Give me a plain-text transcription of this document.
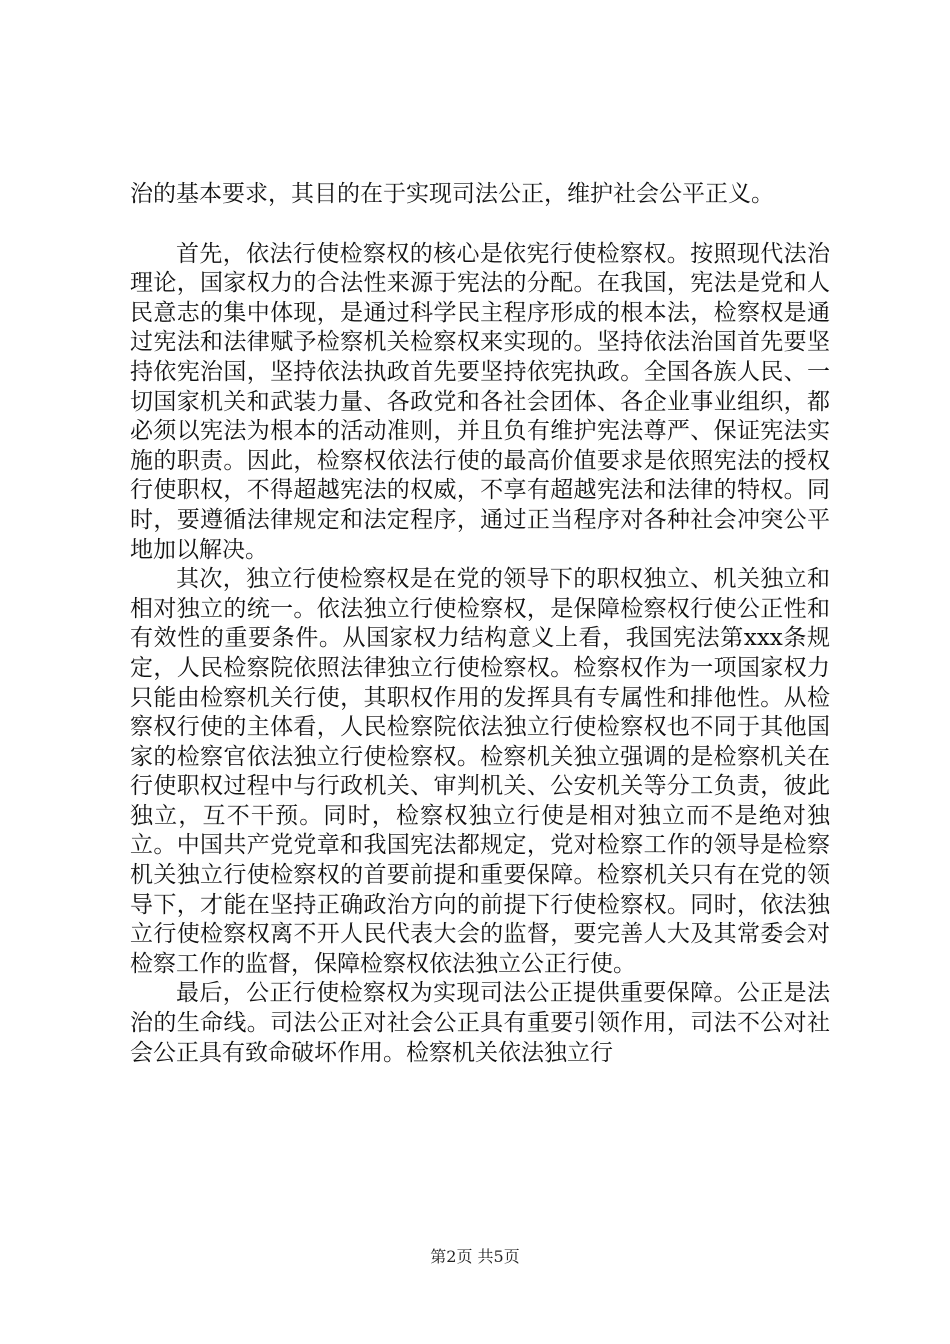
治的基本要求，其目的在于实现司法公正，维护社会公平正义。

首先，依法行使检察权的核心是依宪行使检察权。按照现代法治理论，国家权力的合法性来源于宪法的分配。在我国，宪法是党和人民意志的集中体现，是通过科学民主程序形成的根本法，检察权是通过宪法和法律赋予检察机关检察权来实现的。坚持依法治国首先要坚持依宪治国，坚持依法执政首先要坚持依宪执政。全国各族人民、一切国家机关和武装力量、各政党和各社会团体、各企业事业组织，都必须以宪法为根本的活动准则，并且负有维护宪法尊严、保证宪法实施的职责。因此，检察权依法行使的最高价值要求是依照宪法的授权行使职权，不得超越宪法的权威，不享有超越宪法和法律的特权。同时，要遵循法律规定和法定程序，通过正当程序对各种社会冲突公平地加以解决。

其次，独立行使检察权是在党的领导下的职权独立、机关独立和相对独立的统一。依法独立行使检察权，是保障检察权行使公正性和有效性的重要条件。从国家权力结构意义上看，我国宪法第xxx条规定，人民检察院依照法律独立行使检察权。检察权作为一项国家权力只能由检察机关行使，其职权作用的发挥具有专属性和排他性。从检察权行使的主体看，人民检察院依法独立行使检察权也不同于其他国家的检察官依法独立行使检察权。检察机关独立强调的是检察机关在行使职权过程中与行政机关、审判机关、公安机关等分工负责，彼此独立，互不干预。同时，检察权独立行使是相对独立而不是绝对独立。中国共产党党章和我国宪法都规定，党对检察工作的领导是检察机关独立行使检察权的首要前提和重要保障。检察机关只有在党的领导下，才能在坚持正确政治方向的前提下行使检察权。同时，依法独立行使检察权离不开人民代表大会的监督，要完善人大及其常委会对检察工作的监督，保障检察权依法独立公正行使。

最后，公正行使检察权为实现司法公正提供重要保障。公正是法治的生命线。司法公正对社会公正具有重要引领作用，司法不公对社会公正具有致命破坏作用。检察机关依法独立行

第2页 共5页
